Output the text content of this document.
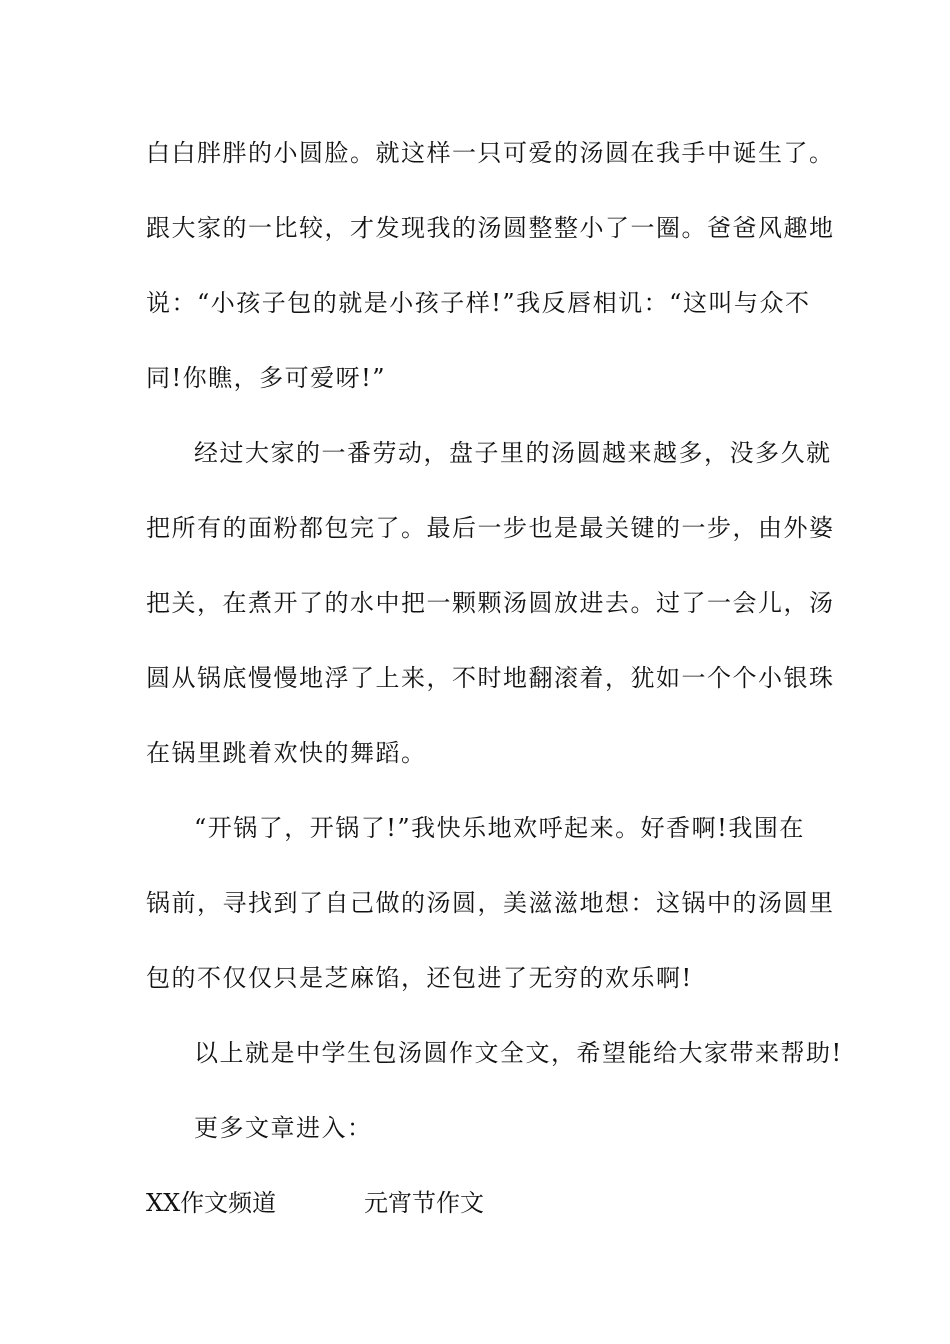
白白胖胖的小圆脸。就这样一只可爱的汤圆在我手中诞生了。
跟大家的一比较，才发现我的汤圆整整小了一圈。爸爸风趣地
说：“小孩子包的就是小孩子样!”我反唇相讥：“这叫与众不
同!你瞧，多可爱呀!”
经过大家的一番劳动，盘子里的汤圆越来越多，没多久就
把所有的面粉都包完了。最后一步也是最关键的一步，由外婆
把关，在煮开了的水中把一颗颗汤圆放进去。过了一会儿，汤
圆从锅底慢慢地浮了上来，不时地翻滚着，犹如一个个小银珠
在锅里跳着欢快的舞蹈。
“开锅了，开锅了!”我快乐地欢呼起来。好香啊!我围在
锅前，寻找到了自己做的汤圆，美滋滋地想：这锅中的汤圆里
包的不仅仅只是芝麻馅，还包进了无穷的欢乐啊!
以上就是中学生包汤圆作文全文，希望能给大家带来帮助!
更多文章进入：
XX作文频道	元宵节作文
